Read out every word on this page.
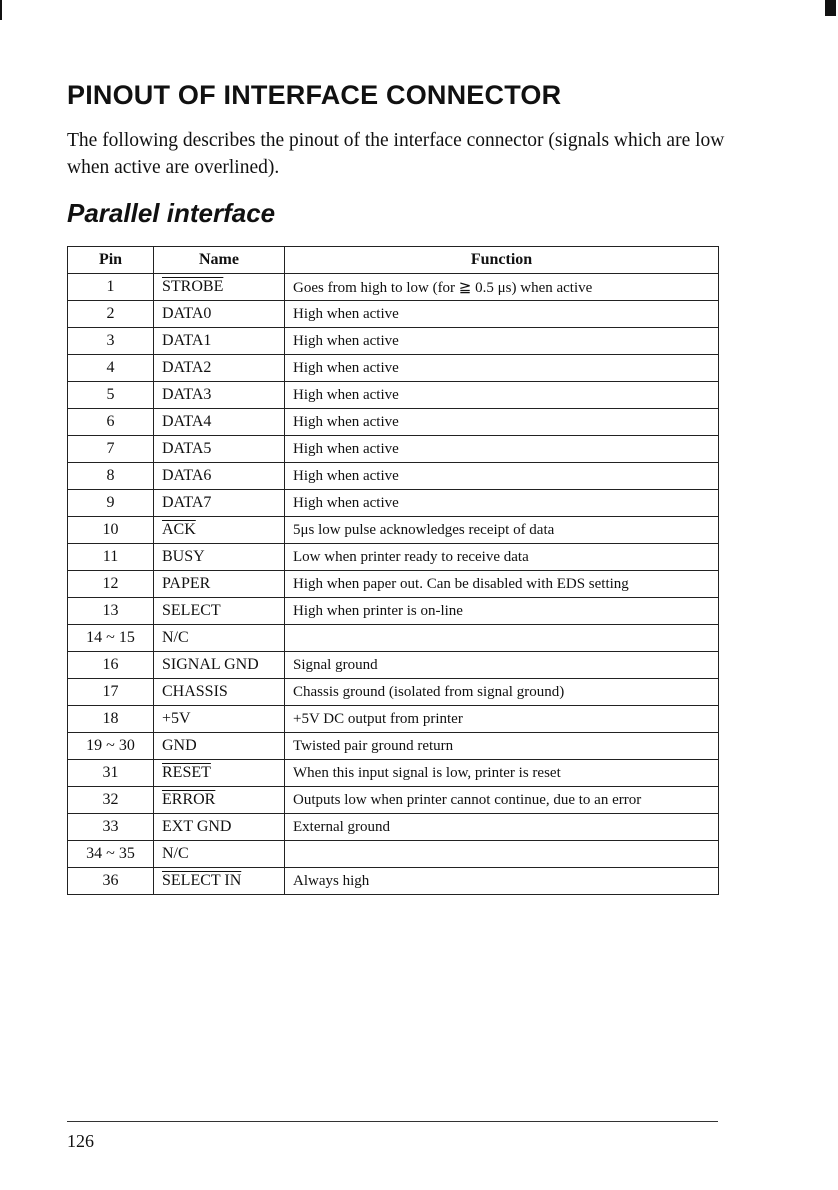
PINOUT OF INTERFACE CONNECTOR

The following describes the pinout of the interface connector (signals which are low when active are overlined).

Parallel interface
Pin	Name	Function
1	STROBE	Goes from high to low (for ≧ 0.5 μs) when active
2	DATA0	High when active
3	DATA1	High when active
4	DATA2	High when active
5	DATA3	High when active
6	DATA4	High when active
7	DATA5	High when active
8	DATA6	High when active
9	DATA7	High when active
10	$\overline{ACK}$	5μs low pulse acknowledges receipt of data
11	BUSY	Low when printer ready to receive data
12	PAPER	High when paper out. Can be disabled with EDS setting
13	SELECT	High when printer is on-line
14 ~ 15	N/C	
16	SIGNAL GND	Signal ground
17	CHASSIS	Chassis ground (isolated from signal ground)
18	+5V	+5V DC output from printer
19 ~ 30	GND	Twisted pair ground return
31	RESET	When this input signal is low, printer is reset
32	ERROR	Outputs low when printer cannot continue, due to an error
33	EXT GND	External ground
34 ~ 35	N/C	
36	SELECT IN	Always high

126
